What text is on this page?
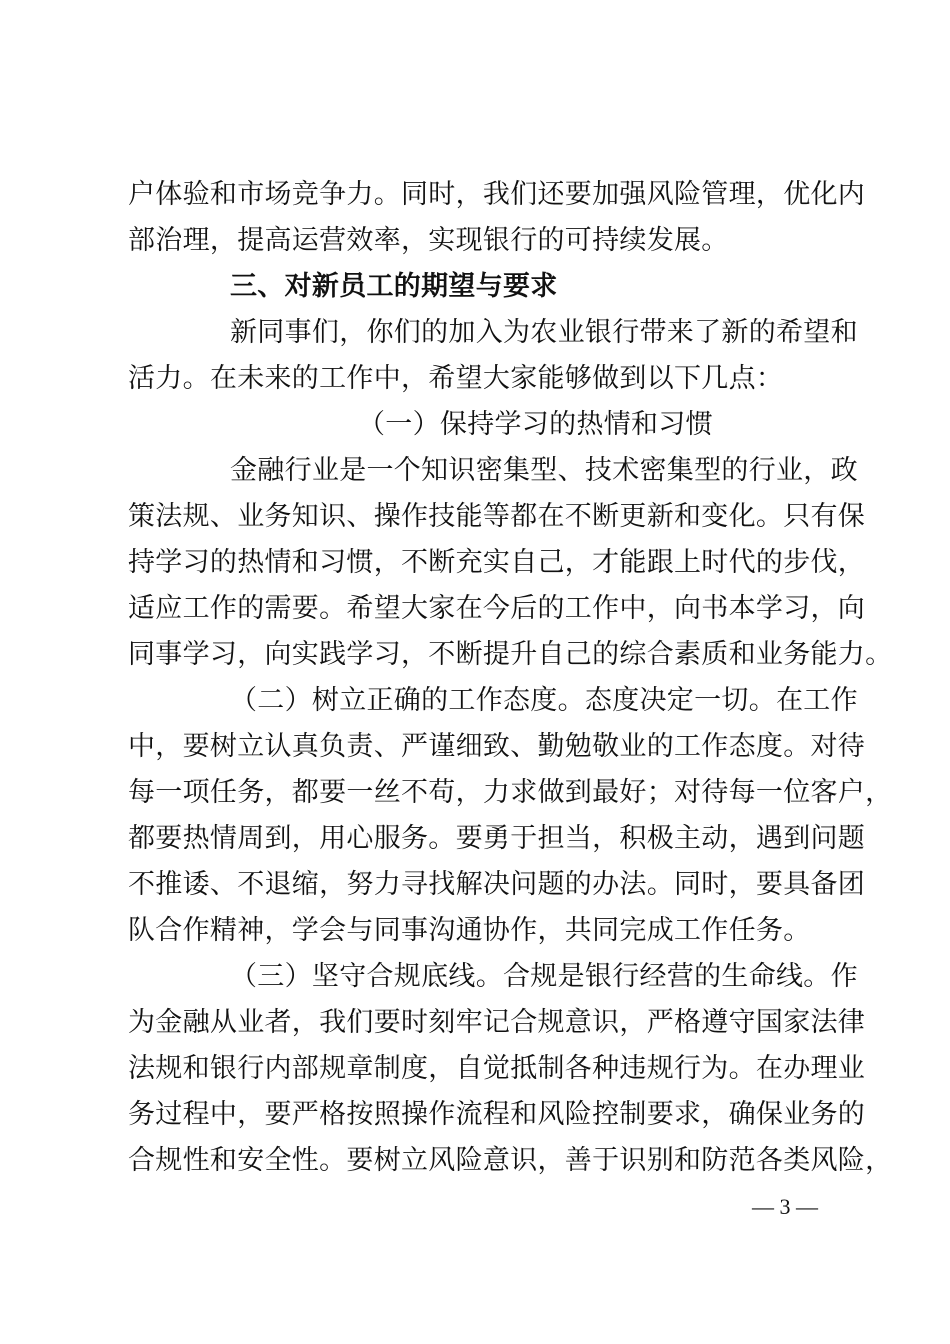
户体验和市场竞争力。同时，我们还要加强风险管理，优化内
部治理，提高运营效率，实现银行的可持续发展。
三、对新员工的期望与要求
新同事们，你们的加入为农业银行带来了新的希望和
活力。在未来的工作中，希望大家能够做到以下几点：
（一）保持学习的热情和习惯
金融行业是一个知识密集型、技术密集型的行业，政
策法规、业务知识、操作技能等都在不断更新和变化。只有保
持学习的热情和习惯，不断充实自己，才能跟上时代的步伐，
适应工作的需要。希望大家在今后的工作中，向书本学习，向
同事学习，向实践学习，不断提升自己的综合素质和业务能力。
（二）树立正确的工作态度。态度决定一切。在工作
中，要树立认真负责、严谨细致、勤勉敬业的工作态度。对待
每一项任务，都要一丝不苟，力求做到最好；对待每一位客户，
都要热情周到，用心服务。要勇于担当，积极主动，遇到问题
不推诿、不退缩，努力寻找解决问题的办法。同时，要具备团
队合作精神，学会与同事沟通协作，共同完成工作任务。
（三）坚守合规底线。合规是银行经营的生命线。作
为金融从业者，我们要时刻牢记合规意识，严格遵守国家法律
法规和银行内部规章制度，自觉抵制各种违规行为。在办理业
务过程中，要严格按照操作流程和风险控制要求，确保业务的
合规性和安全性。要树立风险意识，善于识别和防范各类风险，
— 3 —
